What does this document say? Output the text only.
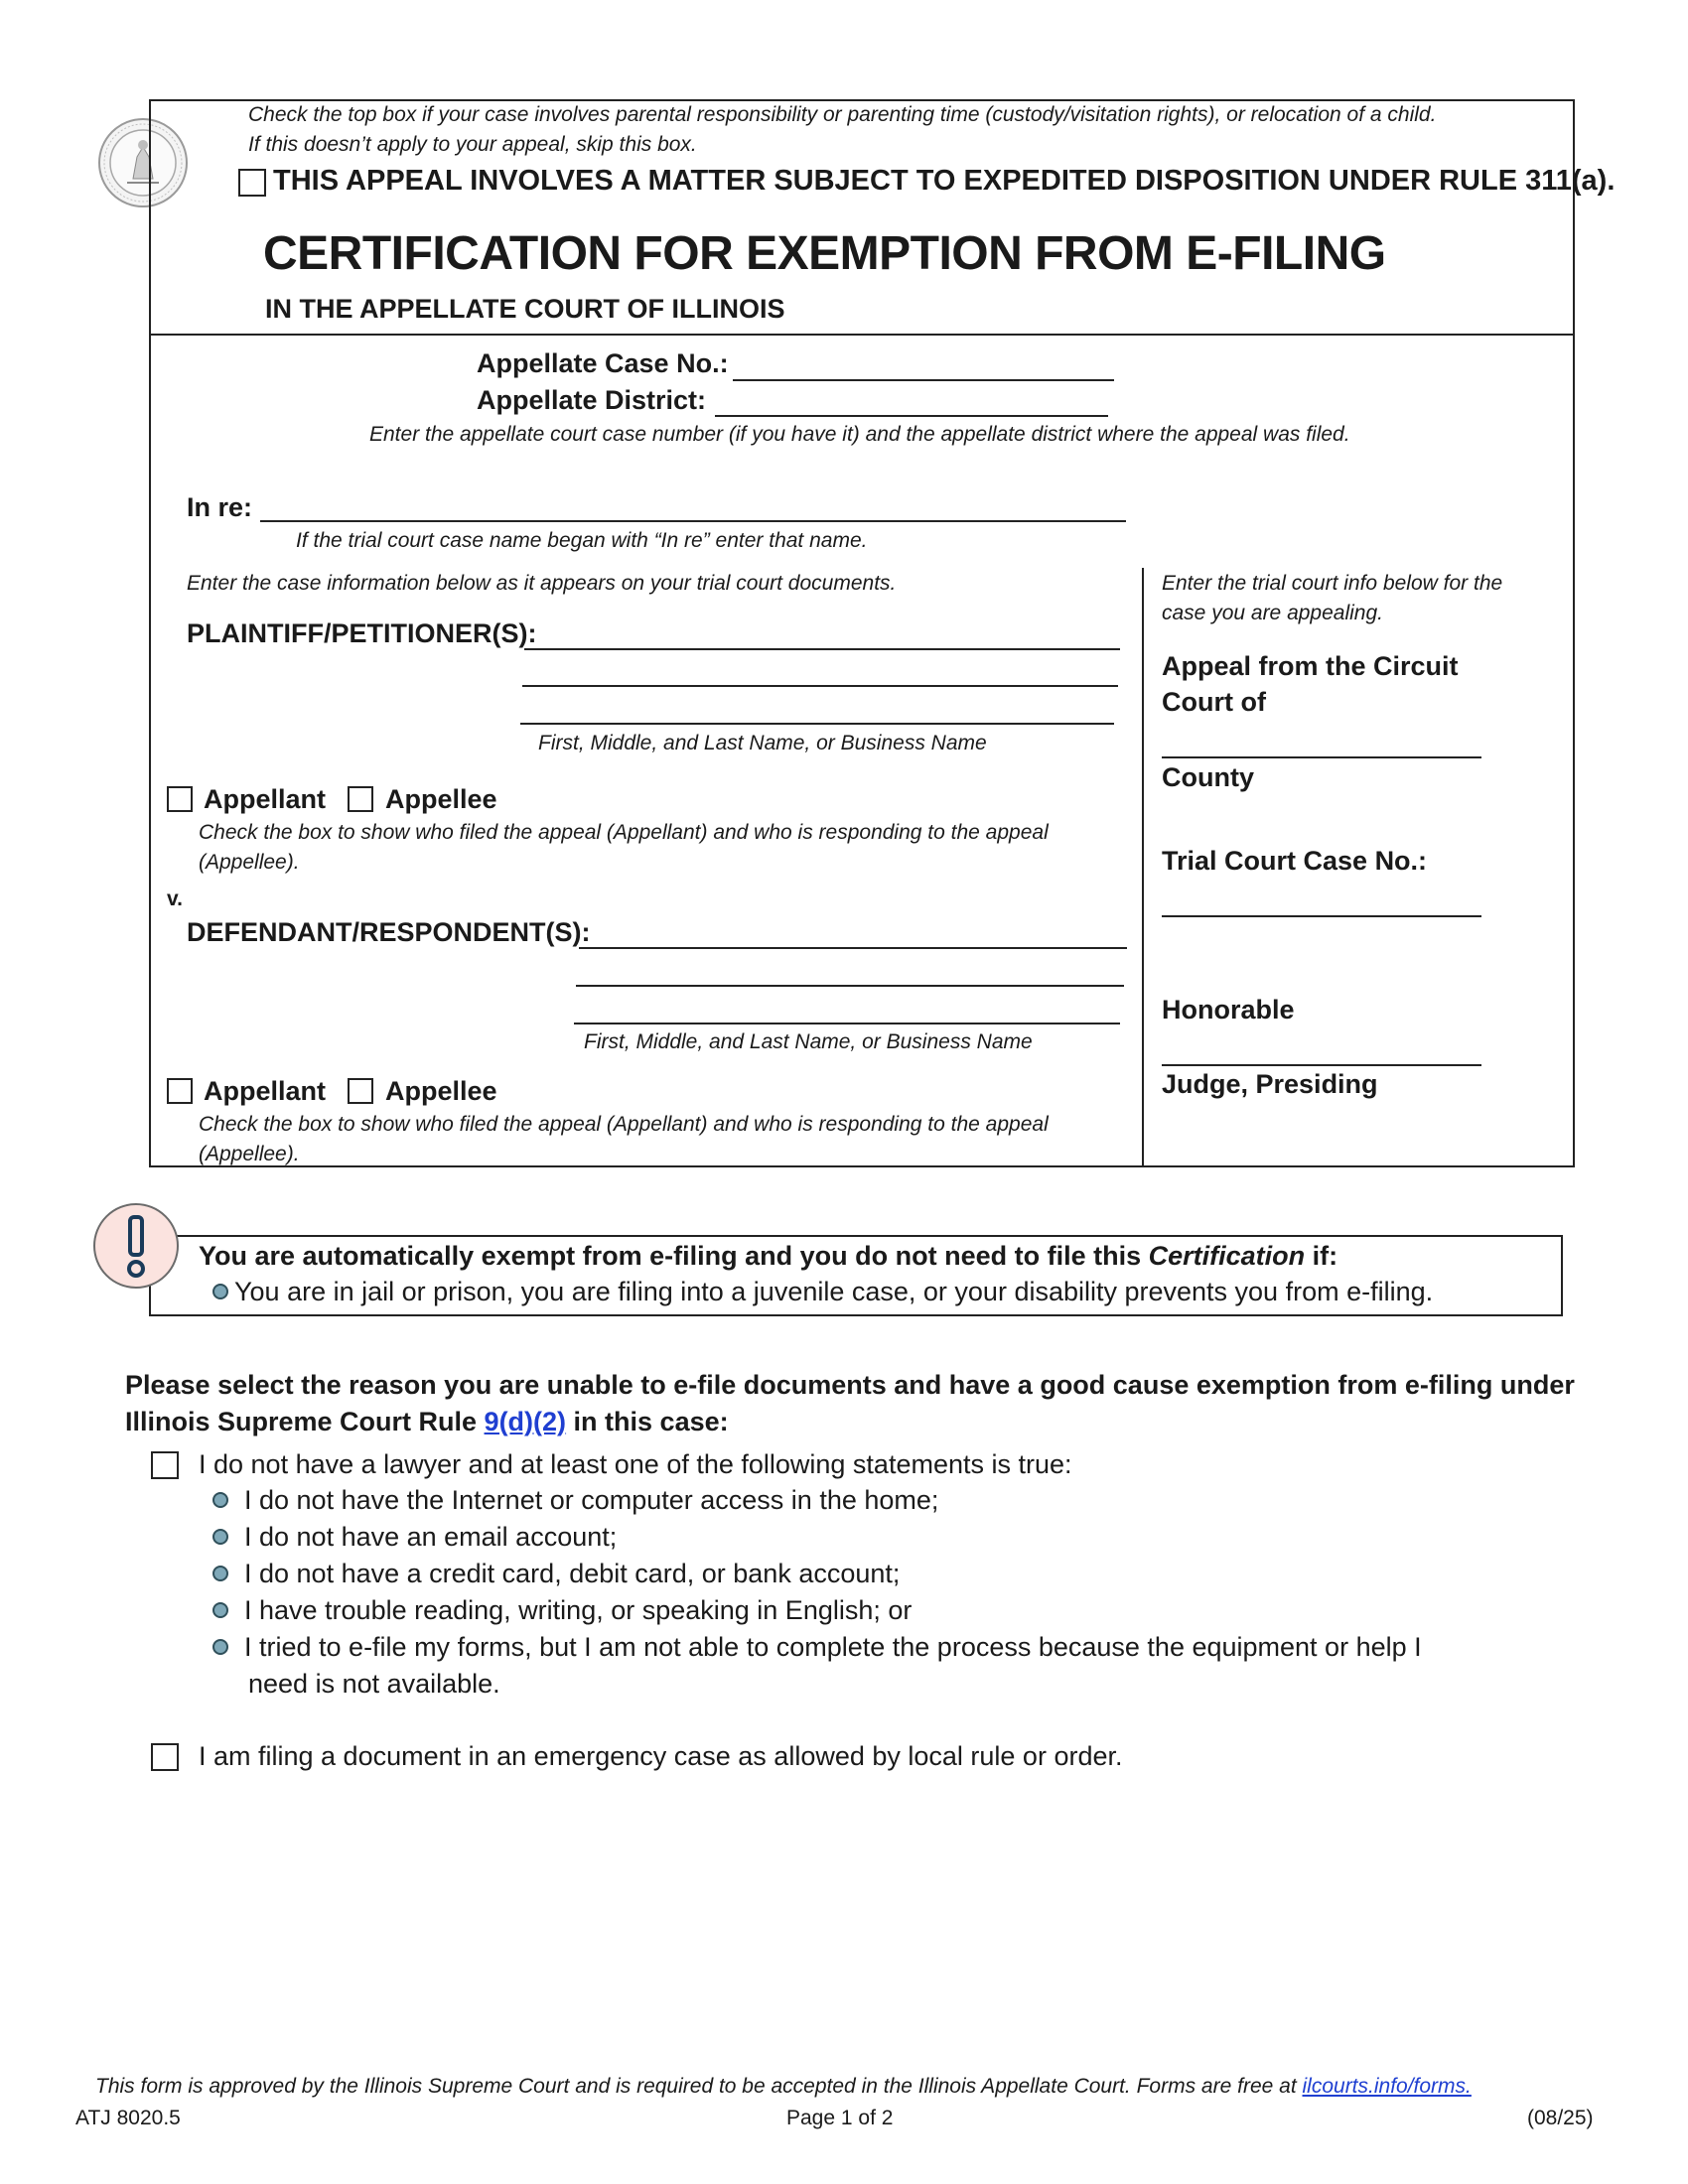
Check the top box if your case involves parental responsibility or parenting time (custody/visitation rights), or relocation of a child.
If this doesn’t apply to your appeal, skip this box.
THIS APPEAL INVOLVES A MATTER SUBJECT TO EXPEDITED DISPOSITION UNDER RULE 311(a).
CERTIFICATION FOR EXEMPTION FROM E-FILING
IN THE APPELLATE COURT OF ILLINOIS
Appellate Case No.:
Appellate District:
Enter the appellate court case number (if you have it) and the appellate district where the appeal was filed.
In re:
If the trial court case name began with “In re” enter that name.
Enter the case information below as it appears on your trial court documents.
PLAINTIFF/PETITIONER(S):
First, Middle, and Last Name, or Business Name
Appellant Appellee
Check the box to show who filed the appeal (Appellant) and who is responding to the appeal
(Appellee).
v.
DEFENDANT/RESPONDENT(S):
First, Middle, and Last Name, or Business Name
Appellant Appellee
Check the box to show who filed the appeal (Appellant) and who is responding to the appeal
(Appellee).
Enter the trial court info below for the
case you are appealing.
Appeal from the Circuit
Court of
County
Trial Court Case No.:
Honorable
Judge, Presiding
You are automatically exempt from e-filing and you do not need to file this Certification if:
You are in jail or prison, you are filing into a juvenile case, or your disability prevents you from e-filing.
Please select the reason you are unable to e-file documents and have a good cause exemption from e-filing under
Illinois Supreme Court Rule 9(d)(2) in this case:
I do not have a lawyer and at least one of the following statements is true:
I do not have the Internet or computer access in the home;
I do not have an email account;
I do not have a credit card, debit card, or bank account;
I have trouble reading, writing, or speaking in English; or
I tried to e-file my forms, but I am not able to complete the process because the equipment or help I
need is not available.
I am filing a document in an emergency case as allowed by local rule or order.
This form is approved by the Illinois Supreme Court and is required to be accepted in the Illinois Appellate Court. Forms are free at ilcourts.info/forms.
ATJ 8020.5	Page 1 of 2	(08/25)
